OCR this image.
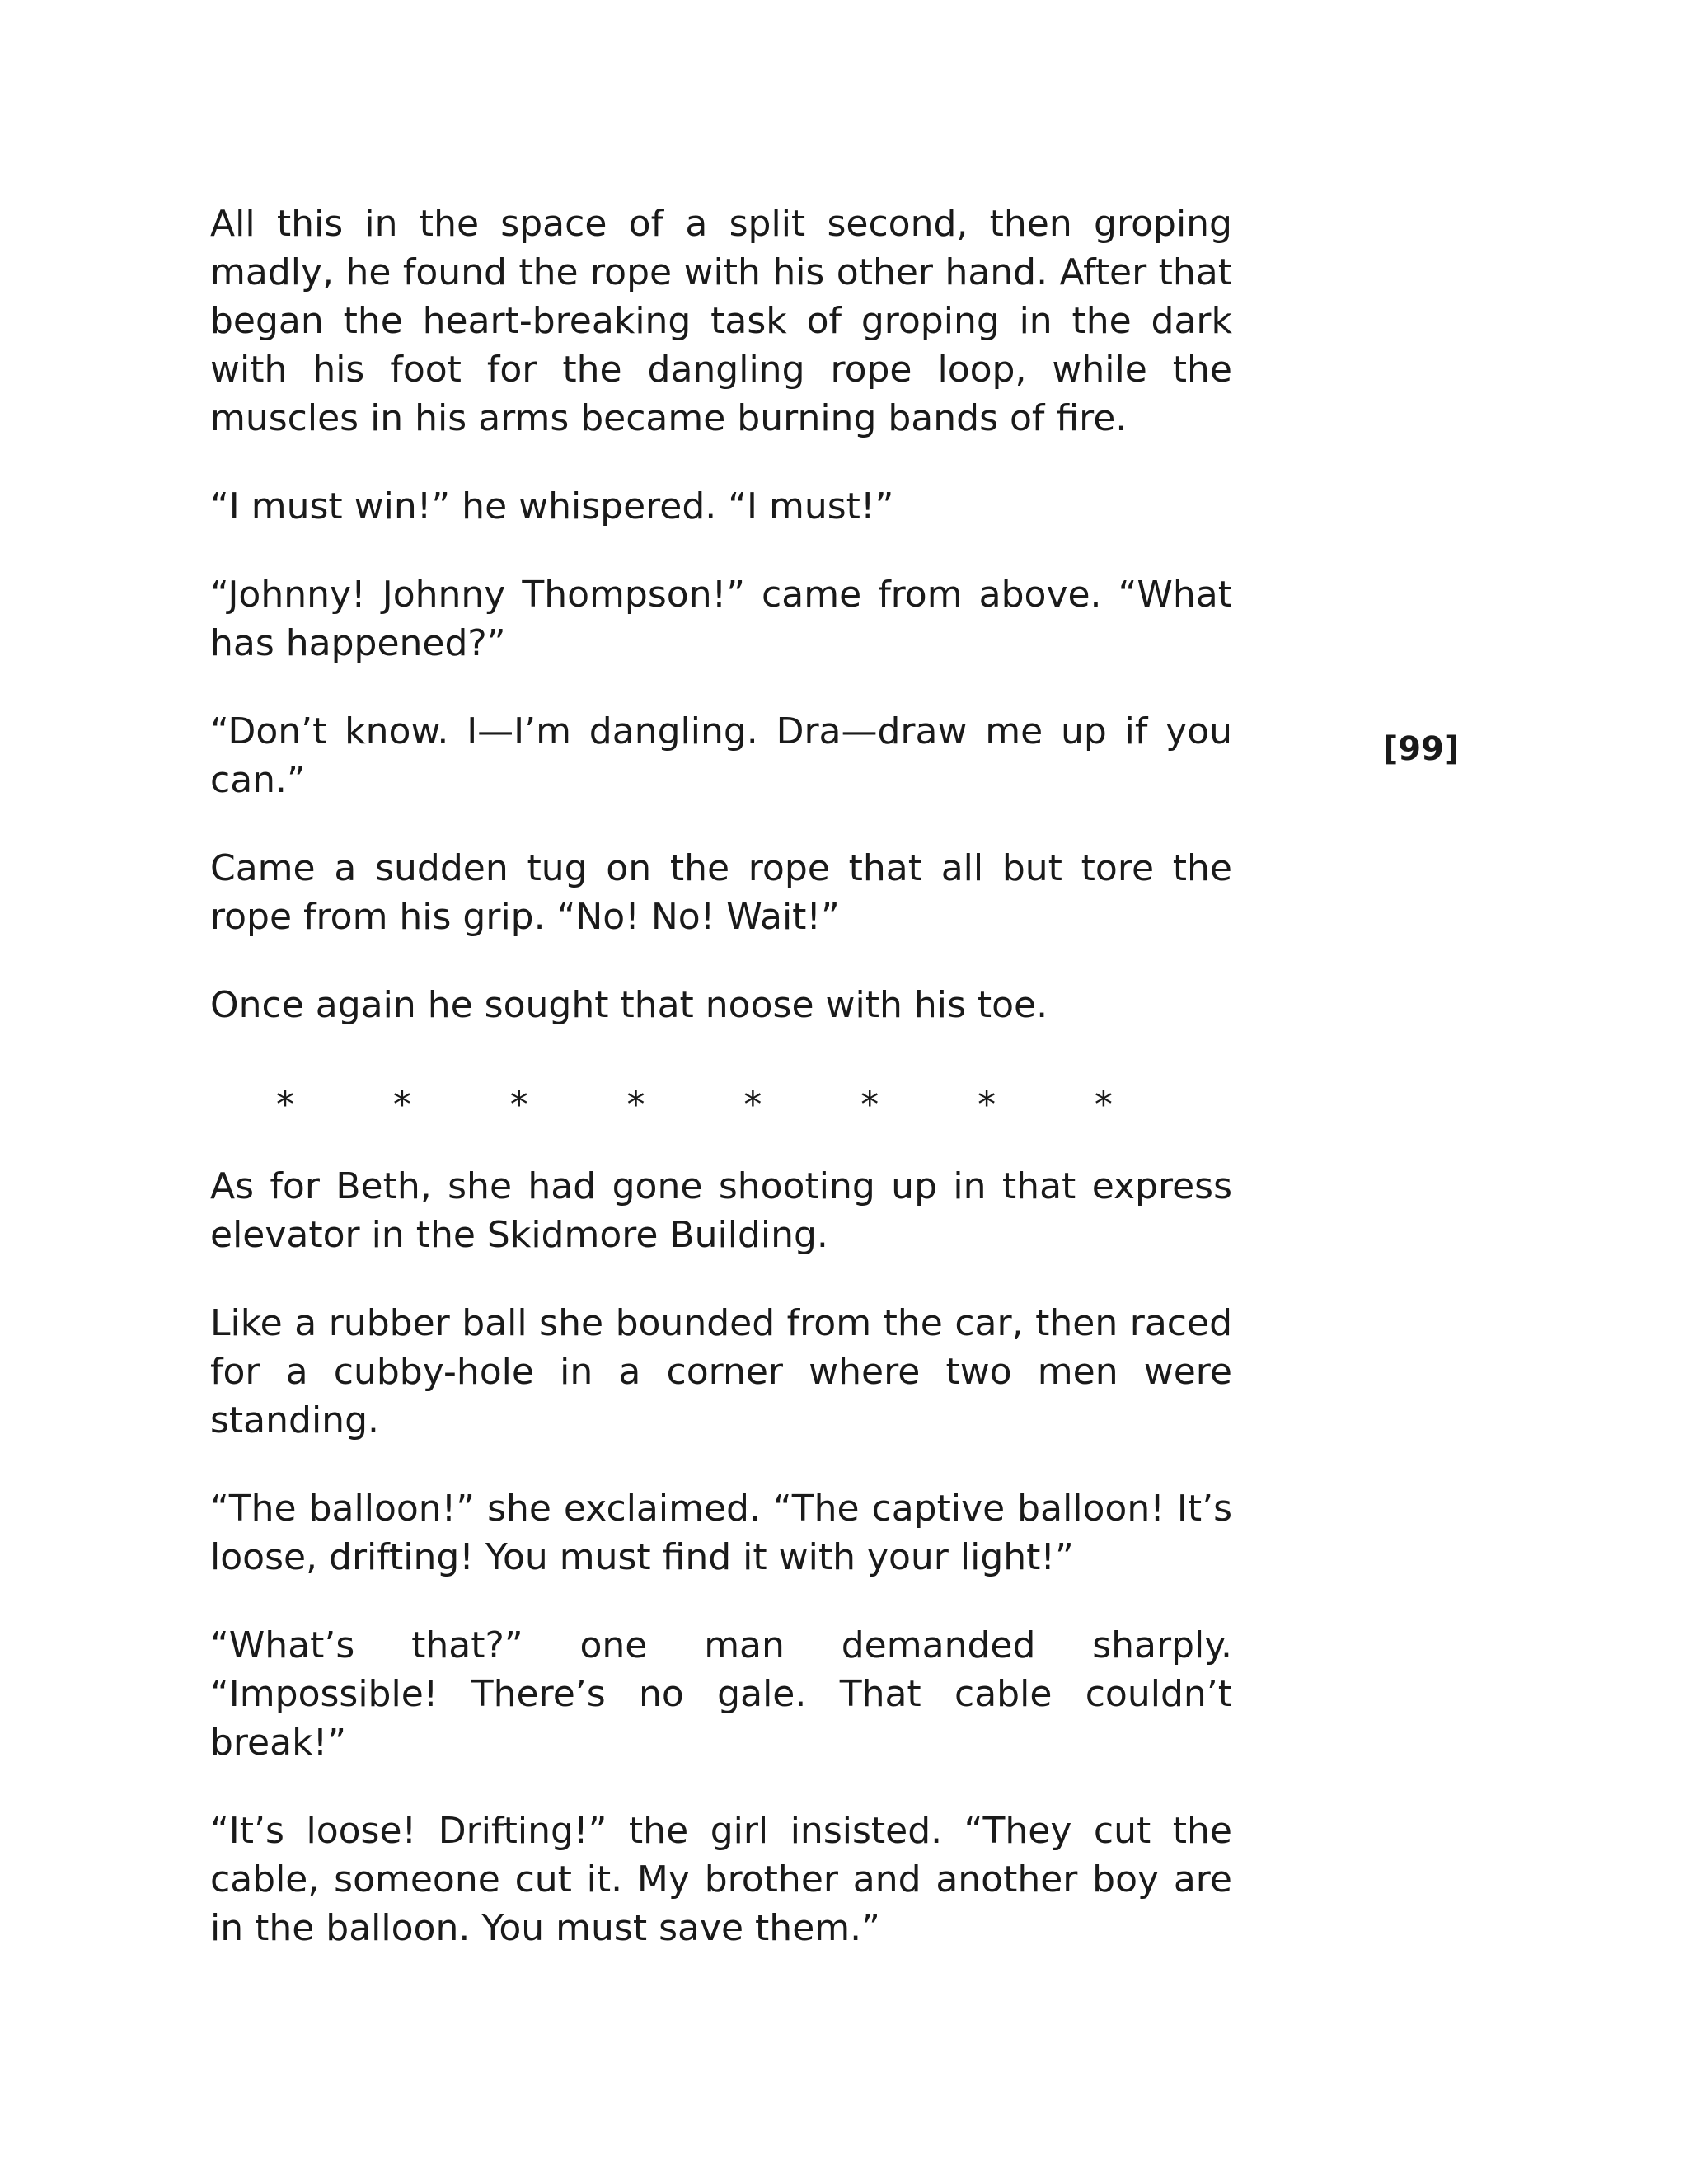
All this in the space of a split second, then groping madly, he found the rope with his other hand. After that began the heart-breaking task of groping in the dark with his foot for the dangling rope loop, while the muscles in his arms became burning bands of fire.

“I must win!” he whispered. “I must!”

“Johnny! Johnny Thompson!” came from above. “What has happened?”

“Don’t know. I—I’m dangling. Dra—draw me up if you can.”

Came a sudden tug on the rope that all but tore the rope from his grip. “No! No! Wait!”

Once again he sought that noose with his toe.

*	*	*	*	*	*	*	*

As for Beth, she had gone shooting up in that express elevator in the Skidmore Building.

Like a rubber ball she bounded from the car, then raced for a cubby-hole in a corner where two men were standing.

“The balloon!” she exclaimed. “The captive balloon! It’s loose, drifting! You must find it with your light!”

“What’s that?” one man demanded sharply. “Impossible! There’s no gale. That cable couldn’t break!”

“It’s loose! Drifting!” the girl insisted. “They cut the cable, someone cut it. My brother and another boy are in the balloon. You must save them.”

[99]
